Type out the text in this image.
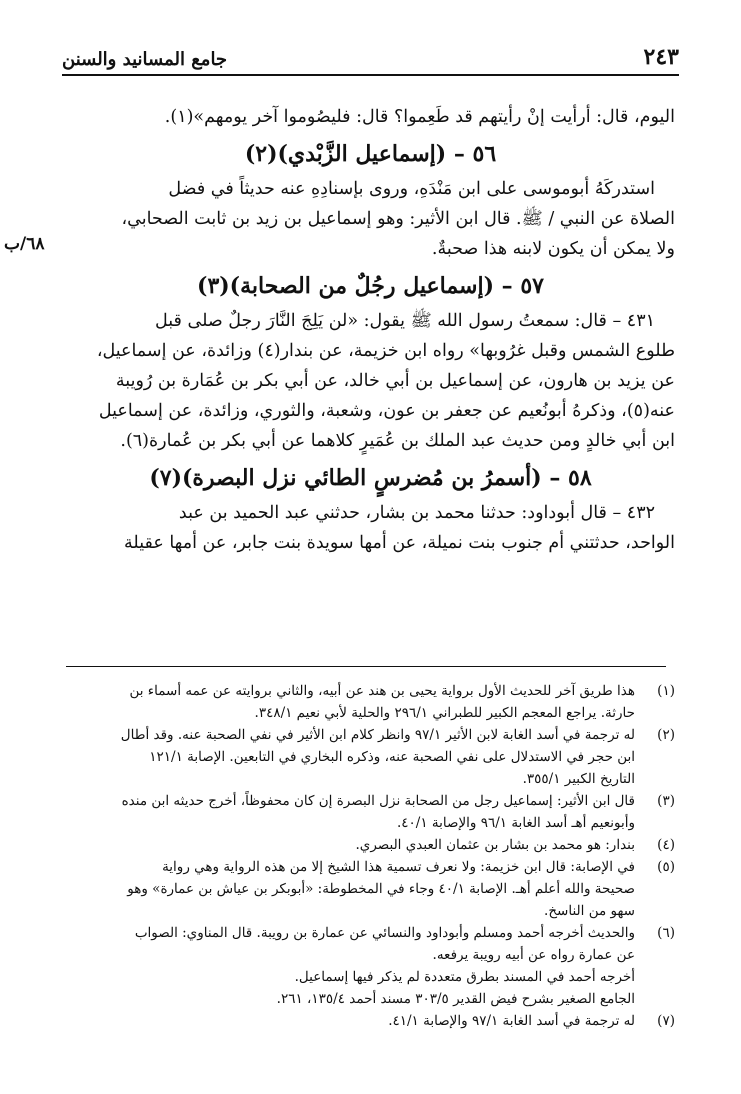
٢٤٣
جامع المسانيد والسنن
٦٨/ب

اليوم، قال: أرأيت إنْ رأيتهم قد طَعِموا؟ قال: فليصُوموا آخر يومهم»(١).

٥٦ – (إسماعيل الزَّبْدي)(٢)

استدركَهُ أبوموسى على ابن مَنْدَهِ، وروى بإسنادِهِ عنه حديثاً في فضل

الصلاة عن النبي / ﷺ. قال ابن الأثير: وهو إسماعيل بن زيد بن ثابت الصحابي،

ولا يمكن أن يكون لابنه هذا صحبةٌ.

٥٧ – (إسماعيل رجُلٌ من الصحابة)(٣)

٤٣١ – قال: سمعتُ رسول الله ﷺ يقول: «لن يَلِجَ النَّارَ رجلٌ صلى قبل

طلوع الشمس وقبل غرُوبها» رواه ابن خزيمة، عن بندار(٤) وزائدة، عن إسماعيل،

عن يزيد بن هارون، عن إسماعيل بن أبي خالد، عن أبي بكر بن عُمَارة بن رُويبة

عنه(٥)، وذكرهُ أبونُعيم عن جعفر بن عون، وشعبة، والثوري، وزائدة، عن إسماعيل

ابن أبي خالدٍ ومن حديث عبد الملك بن عُمَيرٍ كلاهما عن أبي بكر بن عُمارة(٦).

٥٨ – (أسمرُ بن مُضرسٍ الطائي نزل البصرة)(٧)

٤٣٢ – قال أبوداود: حدثنا محمد بن بشار، حدثني عبد الحميد بن عبد

الواحد، حدثتني أم جنوب بنت نميلة، عن أمها سويدة بنت جابر، عن أمها عقيلة

(١)
هذا طريق آخر للحديث الأول برواية يحيى بن هند عن أبيه، والثاني بروايته عن عمه أسماء بن
حارثة. يراجع المعجم الكبير للطبراني ٢٩٦/١ والحلية لأبي نعيم ٣٤٨/١.
(٢)
له ترجمة في أسد الغابة لابن الأثير ٩٧/١ وانظر كلام ابن الأثير في نفي الصحبة عنه. وقد أطال
ابن حجر في الاستدلال على نفي الصحبة عنه، وذكره البخاري في التابعين. الإصابة ١٢١/١
التاريخ الكبير ٣٥٥/١.
(٣)
قال ابن الأثير: إسماعيل رجل من الصحابة نزل البصرة إن كان محفوظاً، أخرج حديثه ابن منده
وأبونعيم أهـ أسد الغابة ٩٦/١ والإصابة ٤٠/١.
(٤)
بندار: هو محمد بن بشار بن عثمان العبدي البصري.
(٥)
في الإصابة: قال ابن خزيمة: ولا نعرف تسمية هذا الشيخ إلا من هذه الرواية وهي رواية
صحيحة والله أعلم أهـ. الإصابة ٤٠/١ وجاء في المخطوطة: «أبوبكر بن عياش بن عمارة» وهو
سهو من الناسخ.
(٦)
والحديث أخرجه أحمد ومسلم وأبوداود والنسائي عن عمارة بن رويبة. قال المناوي: الصواب
عن عمارة رواه عن أبيه رويبة يرفعه.
أخرجه أحمد في المسند بطرق متعددة لم يذكر فيها إسماعيل.
الجامع الصغير بشرح فيض القدير ٣٠٣/٥ مسند أحمد ١٣٥/٤، ٢٦١.
(٧)
له ترجمة في أسد الغابة ٩٧/١ والإصابة ٤١/١.
